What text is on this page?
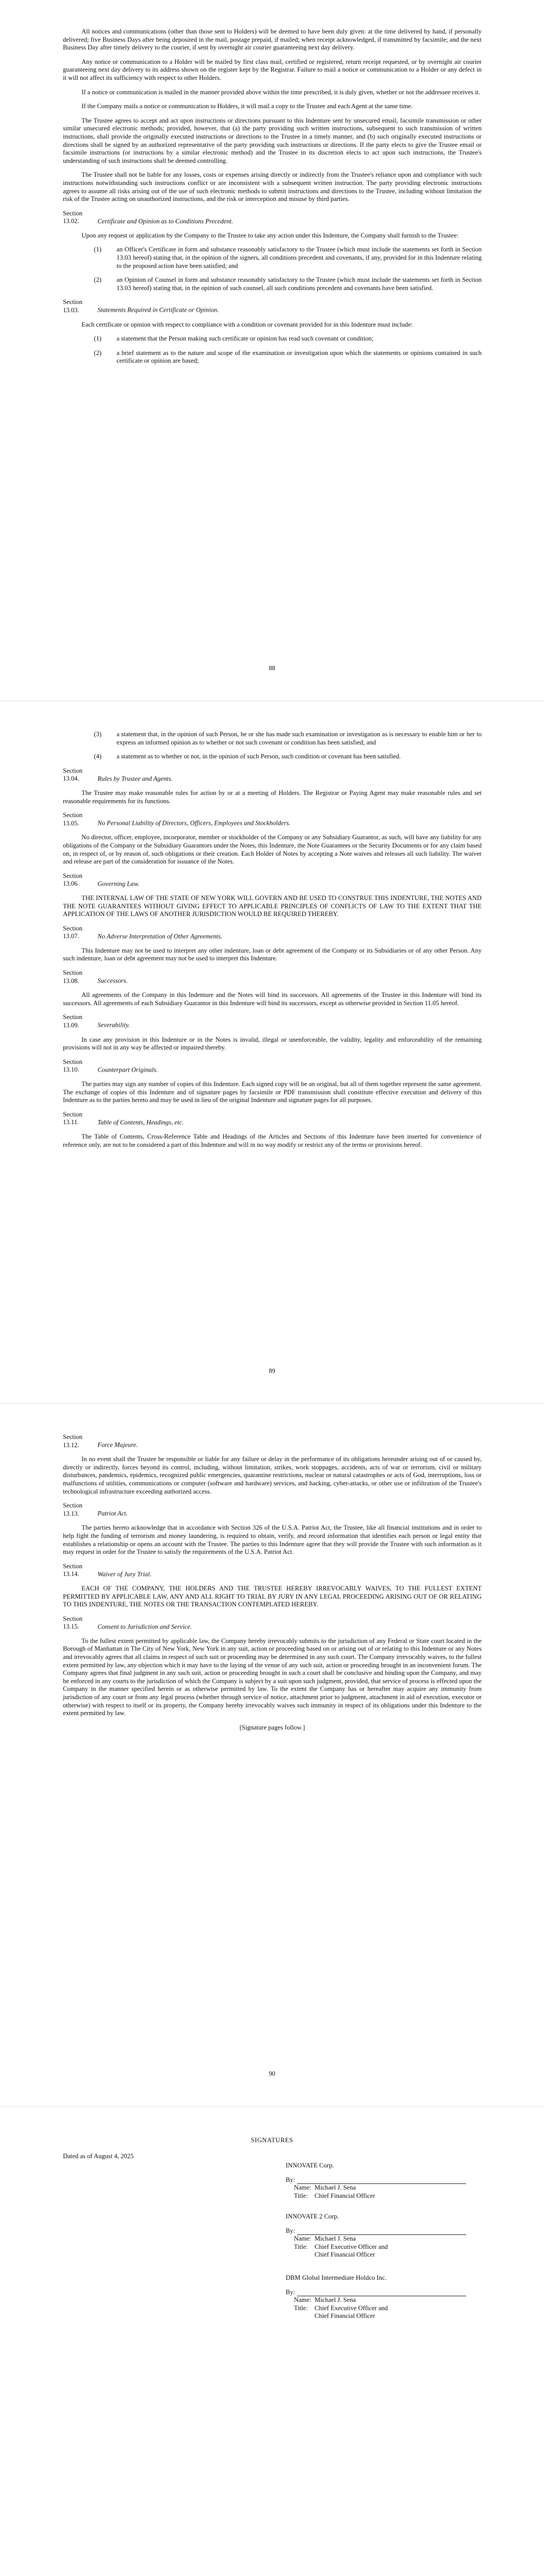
All notices and communications (other than those sent to Holders) will be deemed to have been duly given: at the time delivered by hand, if personally delivered; five Business Days after being deposited in the mail, postage prepaid, if mailed; when receipt acknowledged, if transmitted by facsimile; and the next Business Day after timely delivery to the courier, if sent by overnight air courier guaranteeing next day delivery.

Any notice or communication to a Holder will be mailed by first class mail, certified or registered, return receipt requested, or by overnight air courier guaranteeing next day delivery to its address shown on the register kept by the Registrar. Failure to mail a notice or communication to a Holder or any defect in it will not affect its sufficiency with respect to other Holders.

If a notice or communication is mailed in the manner provided above within the time prescribed, it is duly given, whether or not the addressee receives it.

If the Company mails a notice or communication to Holders, it will mail a copy to the Trustee and each Agent at the same time.

The Trustee agrees to accept and act upon instructions or directions pursuant to this Indenture sent by unsecured email, facsimile transmission or other similar unsecured electronic methods; provided, however, that (a) the party providing such written instructions, subsequent to such transmission of written instructions, shall provide the originally executed instructions or directions to the Trustee in a timely manner, and (b) such originally executed instructions or directions shall be signed by an authorized representative of the party providing such instructions or directions. If the party elects to give the Trustee email or facsimile instructions (or instructions by a similar electronic method) and the Trustee in its discretion elects to act upon such instructions, the Trustee's understanding of such instructions shall be deemed controlling.

The Trustee shall not be liable for any losses, costs or expenses arising directly or indirectly from the Trustee's reliance upon and compliance with such instructions notwithstanding such instructions conflict or are inconsistent with a subsequent written instruction. The party providing electronic instructions agrees to assume all risks arising out of the use of such electronic methods to submit instructions and directions to the Trustee, including without limitation the risk of the Trustee acting on unauthorized instructions, and the risk or interception and misuse by third parties.

Section 13.02.	Certificate and Opinion as to Conditions Precedent.

Upon any request or application by the Company to the Trustee to take any action under this Indenture, the Company shall furnish to the Trustee:

(1)	an Officer's Certificate in form and substance reasonably satisfactory to the Trustee (which must include the statements set forth in Section 13.03 hereof) stating that, in the opinion of the signers, all conditions precedent and covenants, if any, provided for in this Indenture relating to the proposed action have been satisfied; and
(2)	an Opinion of Counsel in form and substance reasonably satisfactory to the Trustee (which must include the statements set forth in Section 13.03 hereof) stating that, in the opinion of such counsel, all such conditions precedent and covenants have been satisfied.
Section 13.03.	Statements Required in Certificate or Opinion.

Each certificate or opinion with respect to compliance with a condition or covenant provided for in this Indenture must include:

(1)	a statement that the Person making such certificate or opinion has read such covenant or condition;
(2)	a brief statement as to the nature and scope of the examination or investigation upon which the statements or opinions contained in such certificate or opinion are based;
88
(3)	a statement that, in the opinion of such Person, he or she has made such examination or investigation as is necessary to enable him or her to express an informed opinion as to whether or not such covenant or condition has been satisfied; and
(4)	a statement as to whether or not, in the opinion of such Person, such condition or covenant has been satisfied.
Section 13.04.	Rules by Trustee and Agents.

The Trustee may make reasonable rules for action by or at a meeting of Holders. The Registrar or Paying Agent may make reasonable rules and set reasonable requirements for its functions.

Section 13.05.	No Personal Liability of Directors, Officers, Employees and Stockholders.

No director, officer, employee, incorporator, member or stockholder of the Company or any Subsidiary Guarantor, as such, will have any liability for any obligations of the Company or the Subsidiary Guarantors under the Notes, this Indenture, the Note Guarantees or the Security Documents or for any claim based on, in respect of, or by reason of, such obligations or their creation. Each Holder of Notes by accepting a Note waives and releases all such liability. The waiver and release are part of the consideration for issuance of the Notes.

Section 13.06.	Governing Law.

THE INTERNAL LAW OF THE STATE OF NEW YORK WILL GOVERN AND BE USED TO CONSTRUE THIS INDENTURE, THE NOTES AND THE NOTE GUARANTEES WITHOUT GIVING EFFECT TO APPLICABLE PRINCIPLES OF CONFLICTS OF LAW TO THE EXTENT THAT THE APPLICATION OF THE LAWS OF ANOTHER JURISDICTION WOULD BE REQUIRED THEREBY.

Section 13.07.	No Adverse Interpretation of Other Agreements.

This Indenture may not be used to interpret any other indenture, loan or debt agreement of the Company or its Subsidiaries or of any other Person. Any such indenture, loan or debt agreement may not be used to interpret this Indenture.

Section 13.08.	Successors.

All agreements of the Company in this Indenture and the Notes will bind its successors. All agreements of the Trustee in this Indenture will bind its successors. All agreements of each Subsidiary Guarantor in this Indenture will bind its successors, except as otherwise provided in Section 11.05 hereof.

Section 13.09.	Severability.

In case any provision in this Indenture or in the Notes is invalid, illegal or unenforceable, the validity, legality and enforceability of the remaining provisions will not in any way be affected or impaired thereby.

Section 13.10.	Counterpart Originals.

The parties may sign any number of copies of this Indenture. Each signed copy will be an original, but all of them together represent the same agreement. The exchange of copies of this Indenture and of signature pages by facsimile or PDF transmission shall constitute effective execution and delivery of this Indenture as to the parties hereto and may be used in lieu of the original Indenture and signature pages for all purposes.

Section 13.11.	Table of Contents, Headings, etc.

The Table of Contents, Cross-Reference Table and Headings of the Articles and Sections of this Indenture have been inserted for convenience of reference only, are not to be considered a part of this Indenture and will in no way modify or restrict any of the terms or provisions hereof.

89
Section 13.12.	Force Majeure.

In no event shall the Trustee be responsible or liable for any failure or delay in the performance of its obligations hereunder arising out of or caused by, directly or indirectly, forces beyond its control, including, without limitation, strikes, work stoppages, accidents, acts of war or terrorism, civil or military disturbances, pandemics, epidemics, recognized public emergencies, quarantine restrictions, nuclear or natural catastrophes or acts of God, interruptions, loss or malfunctions of utilities, communications or computer (software and hardware) services, and hacking, cyber-attacks, or other use or infiltration of the Trustee's technological infrastructure exceeding authorized access.

Section 13.13.	Patriot Act.

The parties hereto acknowledge that in accordance with Section 326 of the U.S.A. Patriot Act, the Trustee, like all financial institutions and in order to help fight the funding of terrorism and money laundering, is required to obtain, verify, and record information that identifies each person or legal entity that establishes a relationship or opens an account with the Trustee. The parties to this Indenture agree that they will provide the Trustee with such information as it may request in order for the Trustee to satisfy the requirements of the U.S.A. Patriot Act.

Section 13.14.	Waiver of Jury Trial.

EACH OF THE COMPANY, THE HOLDERS AND THE TRUSTEE HEREBY IRREVOCABLY WAIVES, TO THE FULLEST EXTENT PERMITTED BY APPLICABLE LAW, ANY AND ALL RIGHT TO TRIAL BY JURY IN ANY LEGAL PROCEEDING ARISING OUT OF OR RELATING TO THIS INDENTURE, THE NOTES OR THE TRANSACTION CONTEMPLATED HEREBY.

Section 13.15.	Consent to Jurisdiction and Service.

To the fullest extent permitted by applicable law, the Company hereby irrevocably submits to the jurisdiction of any Federal or State court located in the Borough of Manhattan in The City of New York, New York in any suit, action or proceeding based on or arising out of or relating to this Indenture or any Notes and irrevocably agrees that all claims in respect of such suit or proceeding may be determined in any such court. The Company irrevocably waives, to the fullest extent permitted by law, any objection which it may have to the laying of the venue of any such suit, action or proceeding brought in an inconvenient forum. The Company agrees that final judgment in any such suit, action or proceeding brought in such a court shall be conclusive and binding upon the Company, and may be enforced in any courts to the jurisdiction of which the Company is subject by a suit upon such judgment, provided, that service of process is effected upon the Company in the manner specified herein or as otherwise permitted by law. To the extent the Company has or hereafter may acquire any immunity from jurisdiction of any court or from any legal process (whether through service of notice, attachment prior to judgment, attachment in aid of execution, executor or otherwise) with respect to itself or its property, the Company hereby irrevocably waives such immunity in respect of its obligations under this Indenture to the extent permitted by law.

[Signature pages follow.]

90
SIGNATURES
Dated as of August 4, 2025
INNOVATE Corp.
By:
Name: Michael J. Sena
Title:	Chief Financial Officer
INNOVATE 2 Corp.
By:
Name: Michael J. Sena
Title:	Chief Executive Officer and
Chief Financial Officer
DBM Global Intermediate Holdco Inc.
By:
Name: Michael J. Sena
Title:	Chief Executive Officer and
Chief Financial Officer
